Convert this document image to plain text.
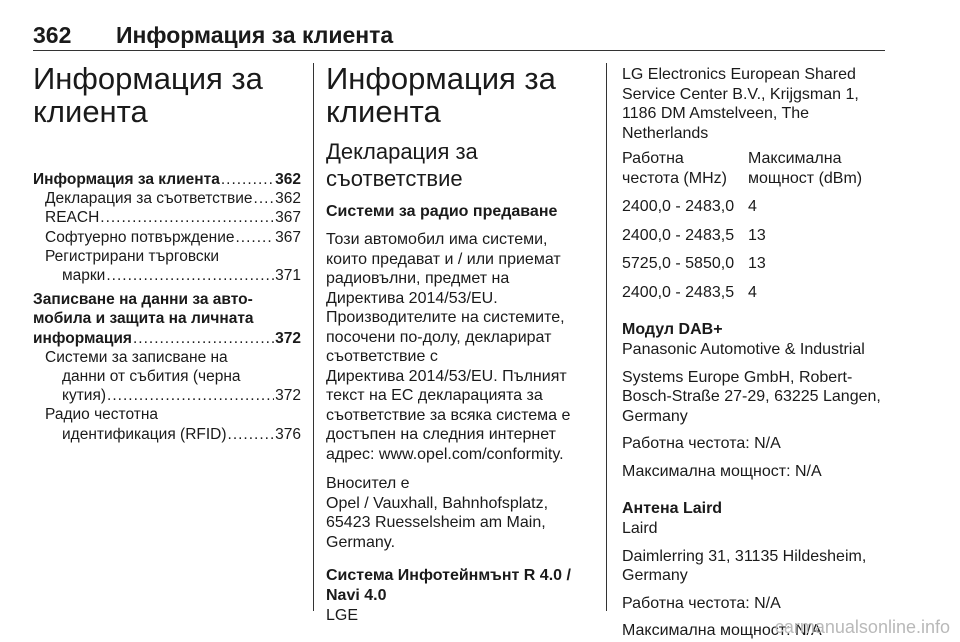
362 Информация за клиента
Информация за
клиента
Информация за клиента .....	362
Декларация за съответствие ..... 362
REACH .....	367
Софтуерно потвърждение .....	367
Регистрирани търговски
марки .....	371
Записване на данни за авто-
мобила и защита на личната
информация .....	372
Системи за записване на
данни от събития (черна
кутия) .....	372
Радио честотна
идентификация (RFID) .....	376
Информация за
клиента
Декларация за
съответствие
Системи за радио предаване

Този автомобил има системи,
които предават и / или приемат
радиовълни, предмет на
Директива 2014/53/EU.
Производителите на системите,
посочени по-долу, декларират
съответствие с
Директива 2014/53/EU. Пълният
текст на ЕС декларацията за
съответствие за всяка система е
достъпен на следния интернет
адрес: www.opel.com/conformity.

Вносител е
Opel / Vauxhall, Bahnhofsplatz,
65423 Ruesselsheim am Main,
Germany.

Система Инфотейнмънт R 4.0 /
Navi 4.0

LGE

LG Electronics European Shared
Service Center B.V., Krijgsman 1,
1186 DM Amstelveen, The
Netherlands

Работна
честота (MHz)	Максимална
мощност (dBm)
2400,0 - 2483,0	4
2400,0 - 2483,5	13
5725,0 - 5850,0	13
2400,0 - 2483,5	4
Модул DAB+

Panasonic Automotive & Industrial

Systems Europe GmbH, Robert-
Bosch-Straße 27-29, 63225 Langen,
Germany

Работна честота: N/A

Максимална мощност: N/A

Антена Laird

Laird

Daimlerring 31, 31135 Hildesheim,
Germany

Работна честота: N/A

Максимална мощност: N/A

carmanualsonline.info
